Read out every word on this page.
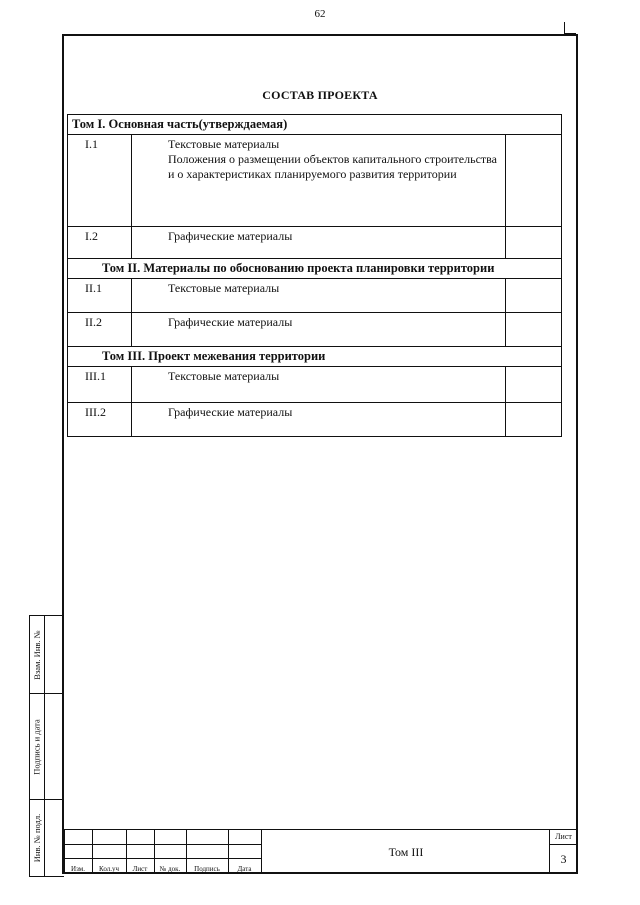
62
СОСТАВ ПРОЕКТА
Том I. Основная часть(утверждаемая)		
I.1	Текстовые материалы
Положения о размещении объектов капитального строительства и о характеристиках планируемого развития территории	

I.2	Графические материалы	
Том II. Материалы по обоснованию проекта планировки территории		
II.1	Текстовые материалы	
II.2	Графические материалы	
Том III. Проект межевания территории		
III.1	Текстовые материалы	
III.2	Графические материалы	
Взам. Инв. №
Подпись и дата
Инв. № подл.
Изм.	Кол.уч	Лист	№ док.	Подпись	Дата
Том III
Лист
3
